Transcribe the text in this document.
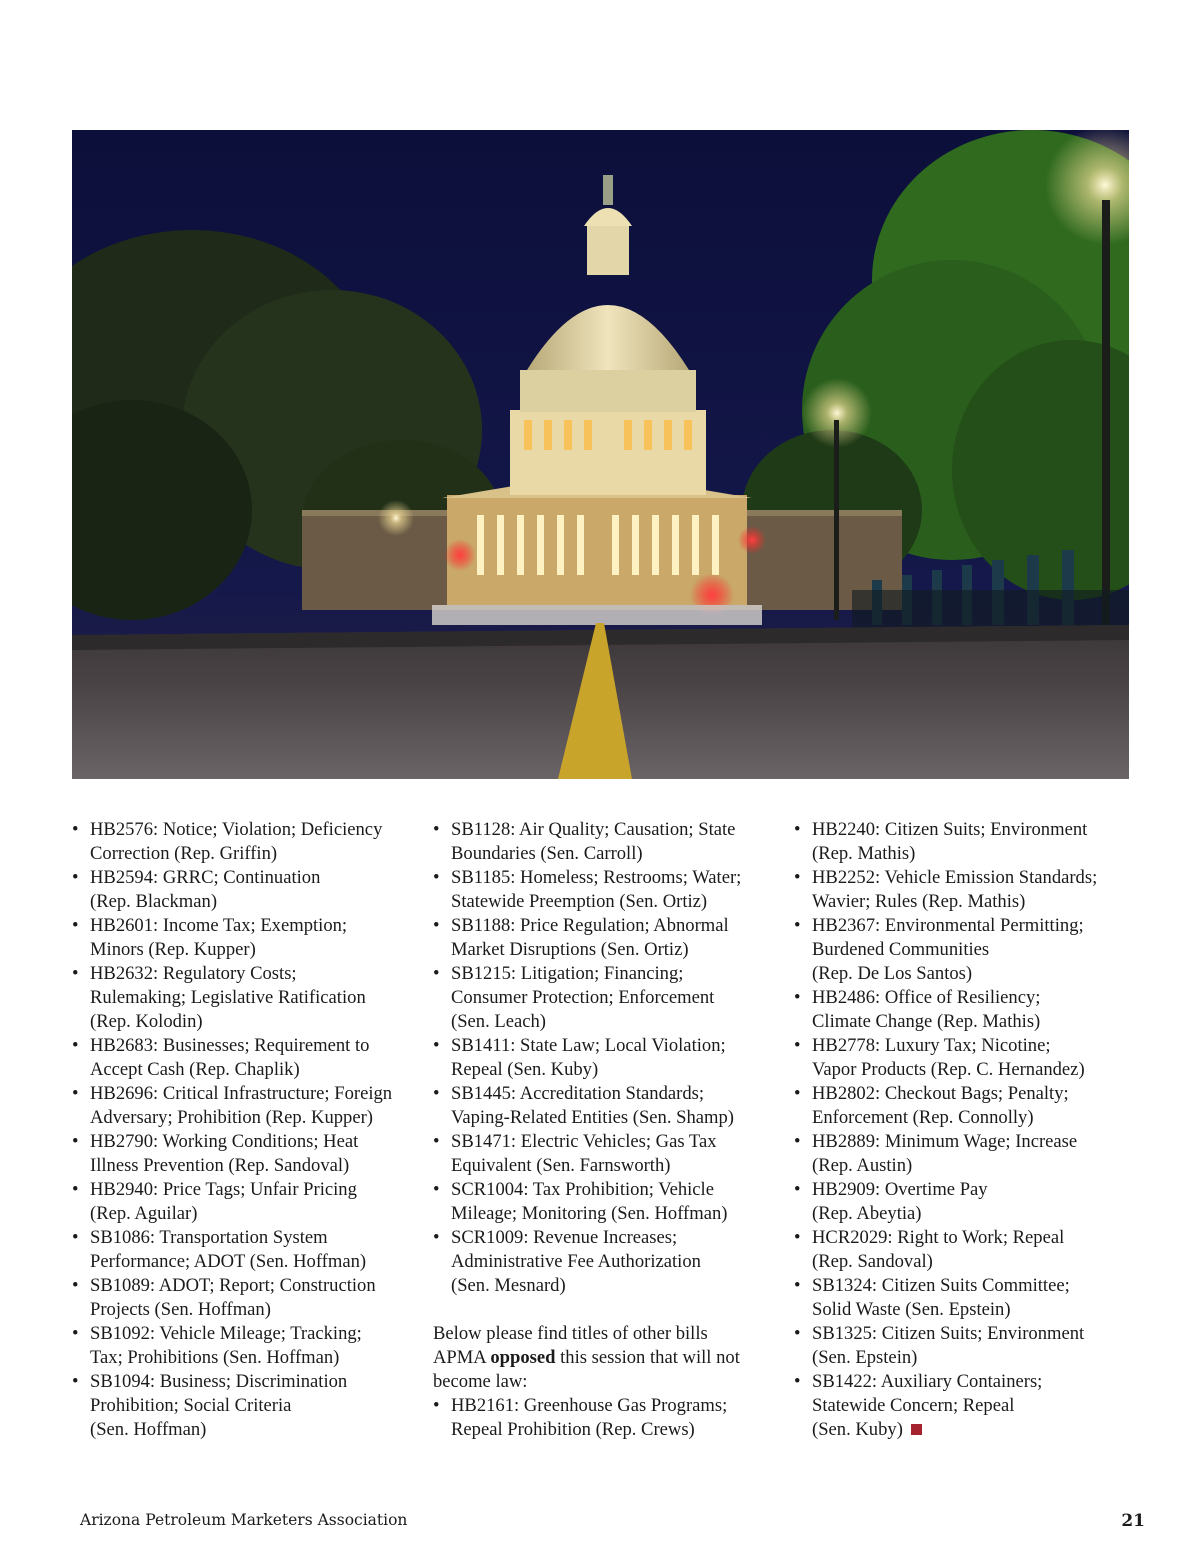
• HB2576: Notice; Violation; Deficiency
Correction (Rep. Griffin)
• HB2594: GRRC; Continuation
(Rep. Blackman)
• HB2601: Income Tax; Exemption;
Minors (Rep. Kupper)
• HB2632: Regulatory Costs;
Rulemaking; Legislative Ratification
(Rep. Kolodin)
• HB2683: Businesses; Requirement to
Accept Cash (Rep. Chaplik)
• HB2696: Critical Infrastructure; Foreign
Adversary; Prohibition (Rep. Kupper)
• HB2790: Working Conditions; Heat
Illness Prevention (Rep. Sandoval)
• HB2940: Price Tags; Unfair Pricing
(Rep. Aguilar)
• SB1086: Transportation System
Performance; ADOT (Sen. Hoffman)
• SB1089: ADOT; Report; Construction
Projects (Sen. Hoffman)
• SB1092: Vehicle Mileage; Tracking;
Tax; Prohibitions (Sen. Hoffman)
• SB1094: Business; Discrimination
Prohibition; Social Criteria
(Sen. Hoffman)
• SB1128: Air Quality; Causation; State
Boundaries (Sen. Carroll)
• SB1185: Homeless; Restrooms; Water;
Statewide Preemption (Sen. Ortiz)
• SB1188: Price Regulation; Abnormal
Market Disruptions (Sen. Ortiz)
• SB1215: Litigation; Financing;
Consumer Protection; Enforcement
(Sen. Leach)
• SB1411: State Law; Local Violation;
Repeal (Sen. Kuby)
• SB1445: Accreditation Standards;
Vaping-Related Entities (Sen. Shamp)
• SB1471: Electric Vehicles; Gas Tax
Equivalent (Sen. Farnsworth)
• SCR1004: Tax Prohibition; Vehicle
Mileage; Monitoring (Sen. Hoffman)
• SCR1009: Revenue Increases;
Administrative Fee Authorization
(Sen. Mesnard)
Below please find titles of other bills
APMA opposed this session that will not
become law:
• HB2161: Greenhouse Gas Programs;
Repeal Prohibition (Rep. Crews)
• HB2240: Citizen Suits; Environment
(Rep. Mathis)
• HB2252: Vehicle Emission Standards;
Wavier; Rules (Rep. Mathis)
• HB2367: Environmental Permitting;
Burdened Communities
(Rep. De Los Santos)
• HB2486: Office of Resiliency;
Climate Change (Rep. Mathis)
• HB2778: Luxury Tax; Nicotine;
Vapor Products (Rep. C. Hernandez)
• HB2802: Checkout Bags; Penalty;
Enforcement (Rep. Connolly)
• HB2889: Minimum Wage; Increase
(Rep. Austin)
• HB2909: Overtime Pay
(Rep. Abeytia)
• HCR2029: Right to Work; Repeal
(Rep. Sandoval)
• SB1324: Citizen Suits Committee;
Solid Waste (Sen. Epstein)
• SB1325: Citizen Suits; Environment
(Sen. Epstein)
• SB1422: Auxiliary Containers;
Statewide Concern; Repeal
(Sen. Kuby)
Arizona Petroleum Marketers Association	21
